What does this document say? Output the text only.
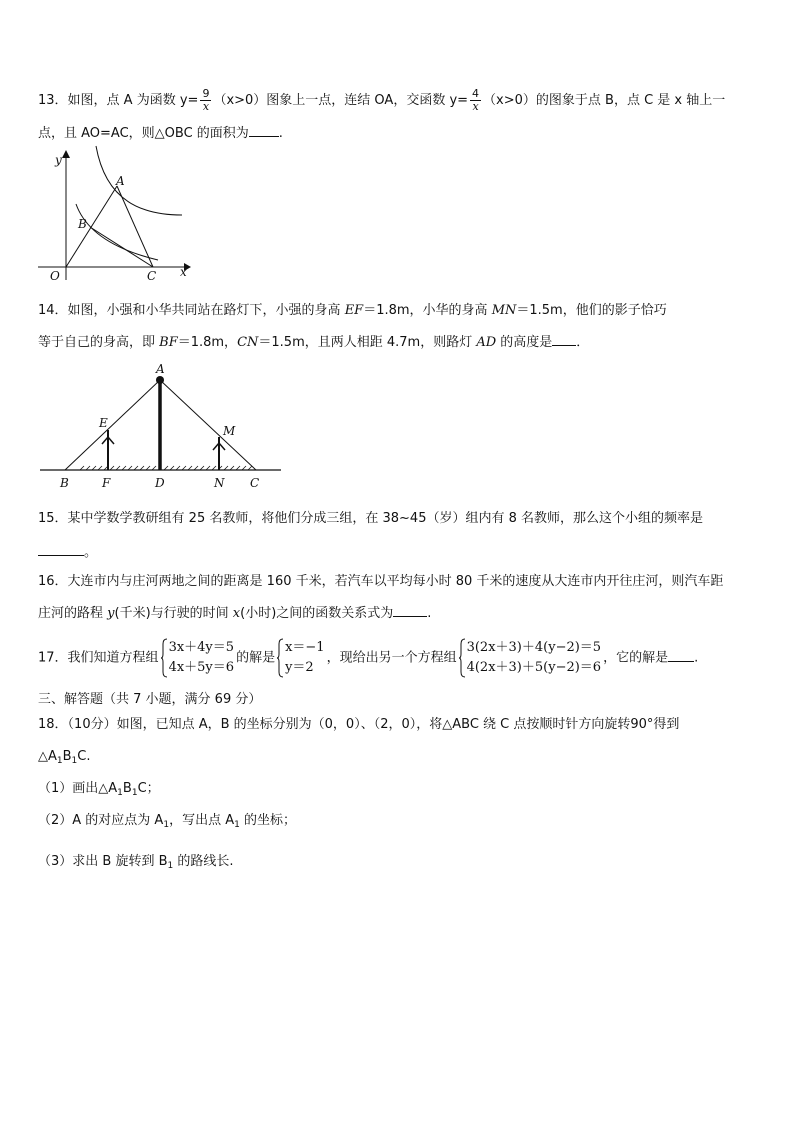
13．如图，点 A 为函数 $y= \frac{9}{x} (x>0)$图象上一点，连结 OA，交函数 $y= \frac{4}{x} (x>0)$的图象于点 B，点 C 是 x 轴上一
点，且 AO=AC，则△OBC 的面积为 .
y
A
B
O	C x
14．如图，小强和小华共同站在路灯下，小强的身高 EF＝1.8m，小华的身高 MN＝1.5m，他们的影子恰巧
等于自己的身高，即 BF＝1.8m，CN＝1.5m，且两人相距 4.7m，则路灯 AD 的高度是 ．
A
E
M
B	F	D	N C
15．某中学数学教研组有 25 名教师，将他们分成三组，在 38~45（岁）组内有 8 名教师，那么这个小组的频率是
。
16．大连市内与庄河两地之间的距离是 160 千米，若汽车以平均每小时 80 千米的速度从大连市内开往庄河，则汽车距
庄河的路程 y(千米)与行驶的时间 x(小时)之间的函数关系式为	.
17．我们知道方程组
3x＋4y＝5
4x＋5y＝6
的解是
x＝−1
y＝2
，现给出另一个方程组
3(2x＋3)＋4(y−2)＝5
4(2x＋3)＋5(y−2)＝6
，它的解是 .
三、解答题（共 7 小题，满分 69 分）
18．（10分）如图，已知点 A，B 的坐标分别为（0，0）、（2，0），将△ABC 绕 C 点按顺时针方向旋转90°得到
$\triangle A_1B_1C$.
（1）画出$\triangle A_1B_1C$；
（2）A 的对应点为 $A_1$，写出点 $A_1$ 的坐标；
（3）求出 B 旋转到 $B_1$ 的路线长.
